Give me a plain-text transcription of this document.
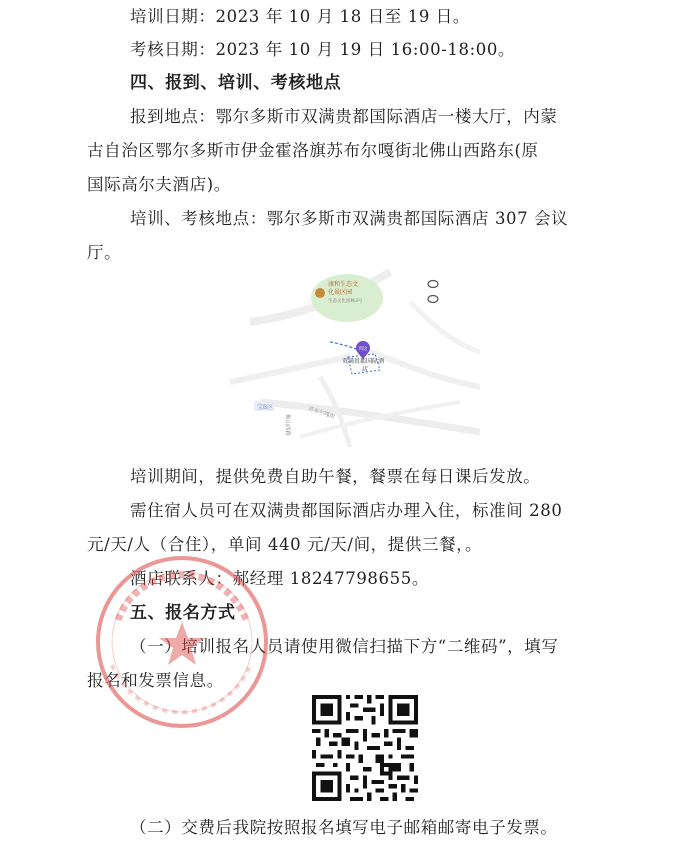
培训日期：2023 年 10 月 18 日至 19 日。
考核日期：2023 年 10 月 19 日 16:00-18:00。
四、报到、培训、考核地点
报到地点：鄂尔多斯市双满贵都国际酒店一楼大厅，内蒙
古自治区鄂尔多斯市伊金霍洛旗苏布尔嘎街北佛山西路东(原
国际高尔夫酒店)。
培训、考核地点：鄂尔多斯市双满贵都国际酒店 307 会议
厅。
康和生态文
化景区园
生态文化园林3号
到这
双满贵都国际酒
店
宝B区	苏布尔嘎街
佛山西路
培训期间，提供免费自助午餐，餐票在每日课后发放。
需住宿人员可在双满贵都国际酒店办理入住，标准间 280
元/天/人（合住），单间 440 元/天/间，提供三餐，。
酒店联系人：郝经理 18247798655。
五、报名方式
（一）培训报名人员请使用微信扫描下方“二维码”，填写
报名和发票信息。
（二）交费后我院按照报名填写电子邮箱邮寄电子发票。
